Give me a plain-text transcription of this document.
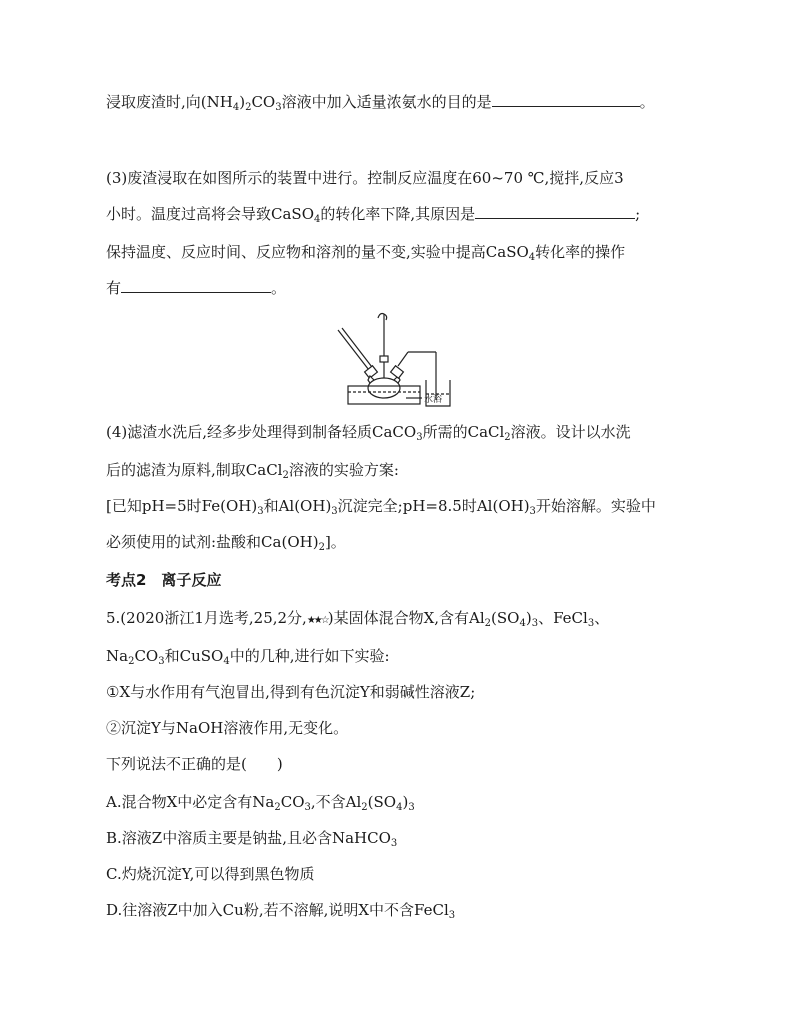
浸取废渣时,向$(NH_4)_2CO_3$溶液中加入适量浓氨水的目的是	。
(3)废渣浸取在如图所示的装置中进行。控制反应温度在60~70 ℃,搅拌,反应3
小时。温度过高将会导致CaSO$_4$的转化率下降,其原因是	;
保持温度、反应时间、反应物和溶剂的量不变,实验中提高CaSO$_4$转化率的操作
有	。
水浴
(4)滤渣水洗后,经多步处理得到制备轻质CaCO$_3$所需的CaCl$_2$溶液。设计以水洗
后的滤渣为原料,制取CaCl$_2$溶液的实验方案:
[已知pH=5时$Fe(OH)_3$和$Al(OH)_3$沉淀完全;pH=8.5时$Al(OH)_3$开始溶解。实验中
必须使用的试剂:盐酸和$Ca(OH)_2$]。
考点2　离子反应
5.(2020浙江1月选考,25,2分,★★☆)某固体混合物X,含有$Al_2(SO_4)_3$、FeCl$_3$、
$Na_2CO_3$和CuSO$_4$中的几种,进行如下实验:
①X与水作用有气泡冒出,得到有色沉淀Y和弱碱性溶液Z;
②沉淀Y与NaOH溶液作用,无变化。
下列说法不正确的是(　　)
A.混合物X中必定含有$Na_2CO_3$,不含$Al_2(SO_4)_3$
B.溶液Z中溶质主要是钠盐,且必含NaHCO$_3$
C.灼烧沉淀Y,可以得到黑色物质
D.往溶液Z中加入Cu粉,若不溶解,说明X中不含FeCl$_3$
